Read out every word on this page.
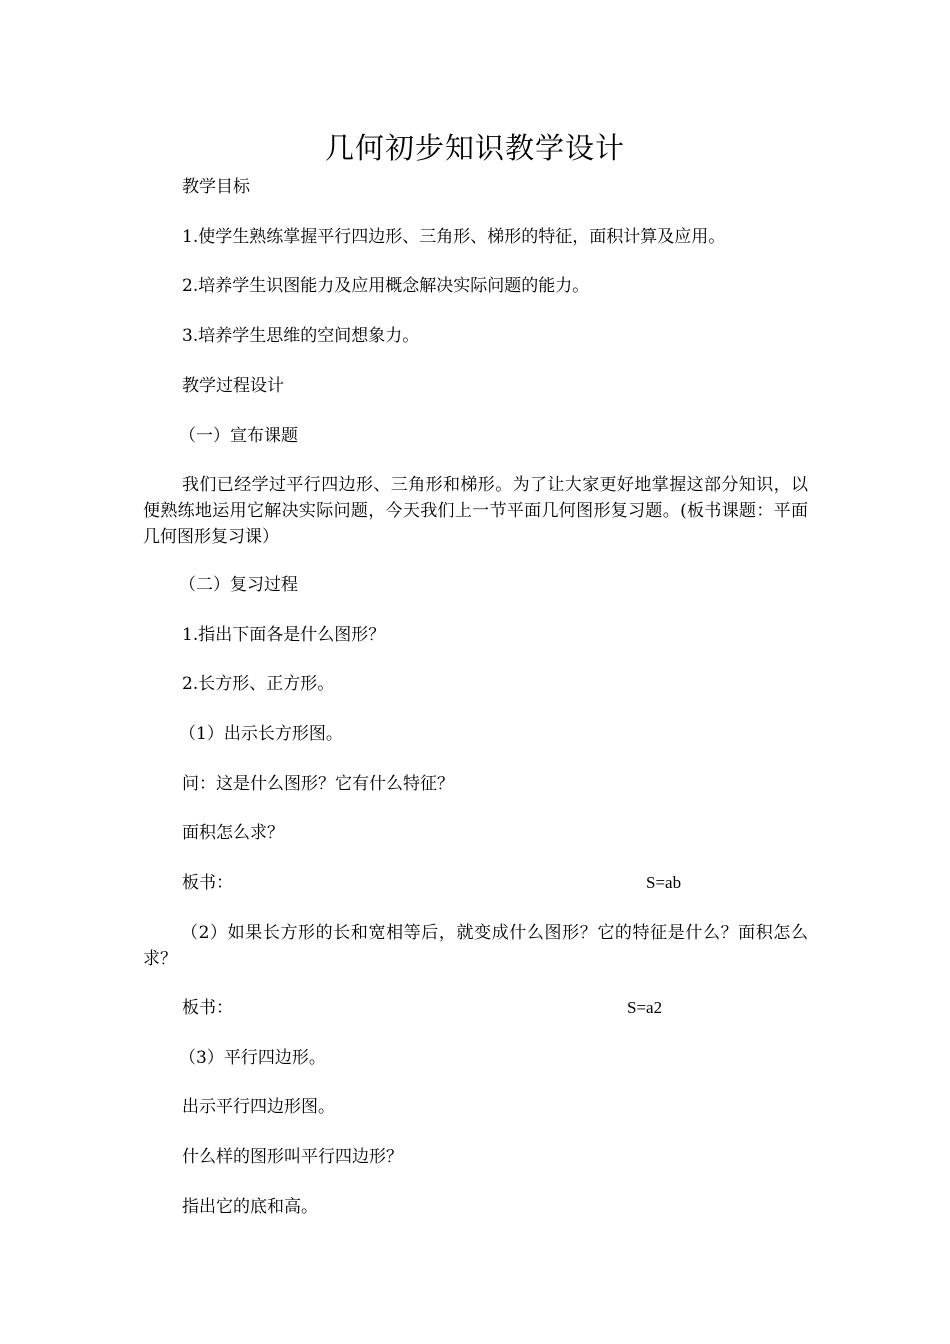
几何初步知识教学设计
教学目标
1.使学生熟练掌握平行四边形、三角形、梯形的特征，面积计算及应用。
2.培养学生识图能力及应用概念解决实际问题的能力。
3.培养学生思维的空间想象力。
教学过程设计
（一）宣布课题
我们已经学过平行四边形、三角形和梯形。为了让大家更好地掌握这部分知识，以便熟练地运用它解决实际问题，今天我们上一节平面几何图形复习题。(板书课题：平面几何图形复习课）
（二）复习过程
1.指出下面各是什么图形？
2.长方形、正方形。
（1）出示长方形图。
问：这是什么图形？它有什么特征？
面积怎么求？
板书：	S=ab
（2）如果长方形的长和宽相等后，就变成什么图形？它的特征是什么？面积怎么求？
板书：	S=a2
（3）平行四边形。
出示平行四边形图。
什么样的图形叫平行四边形？
指出它的底和高。
